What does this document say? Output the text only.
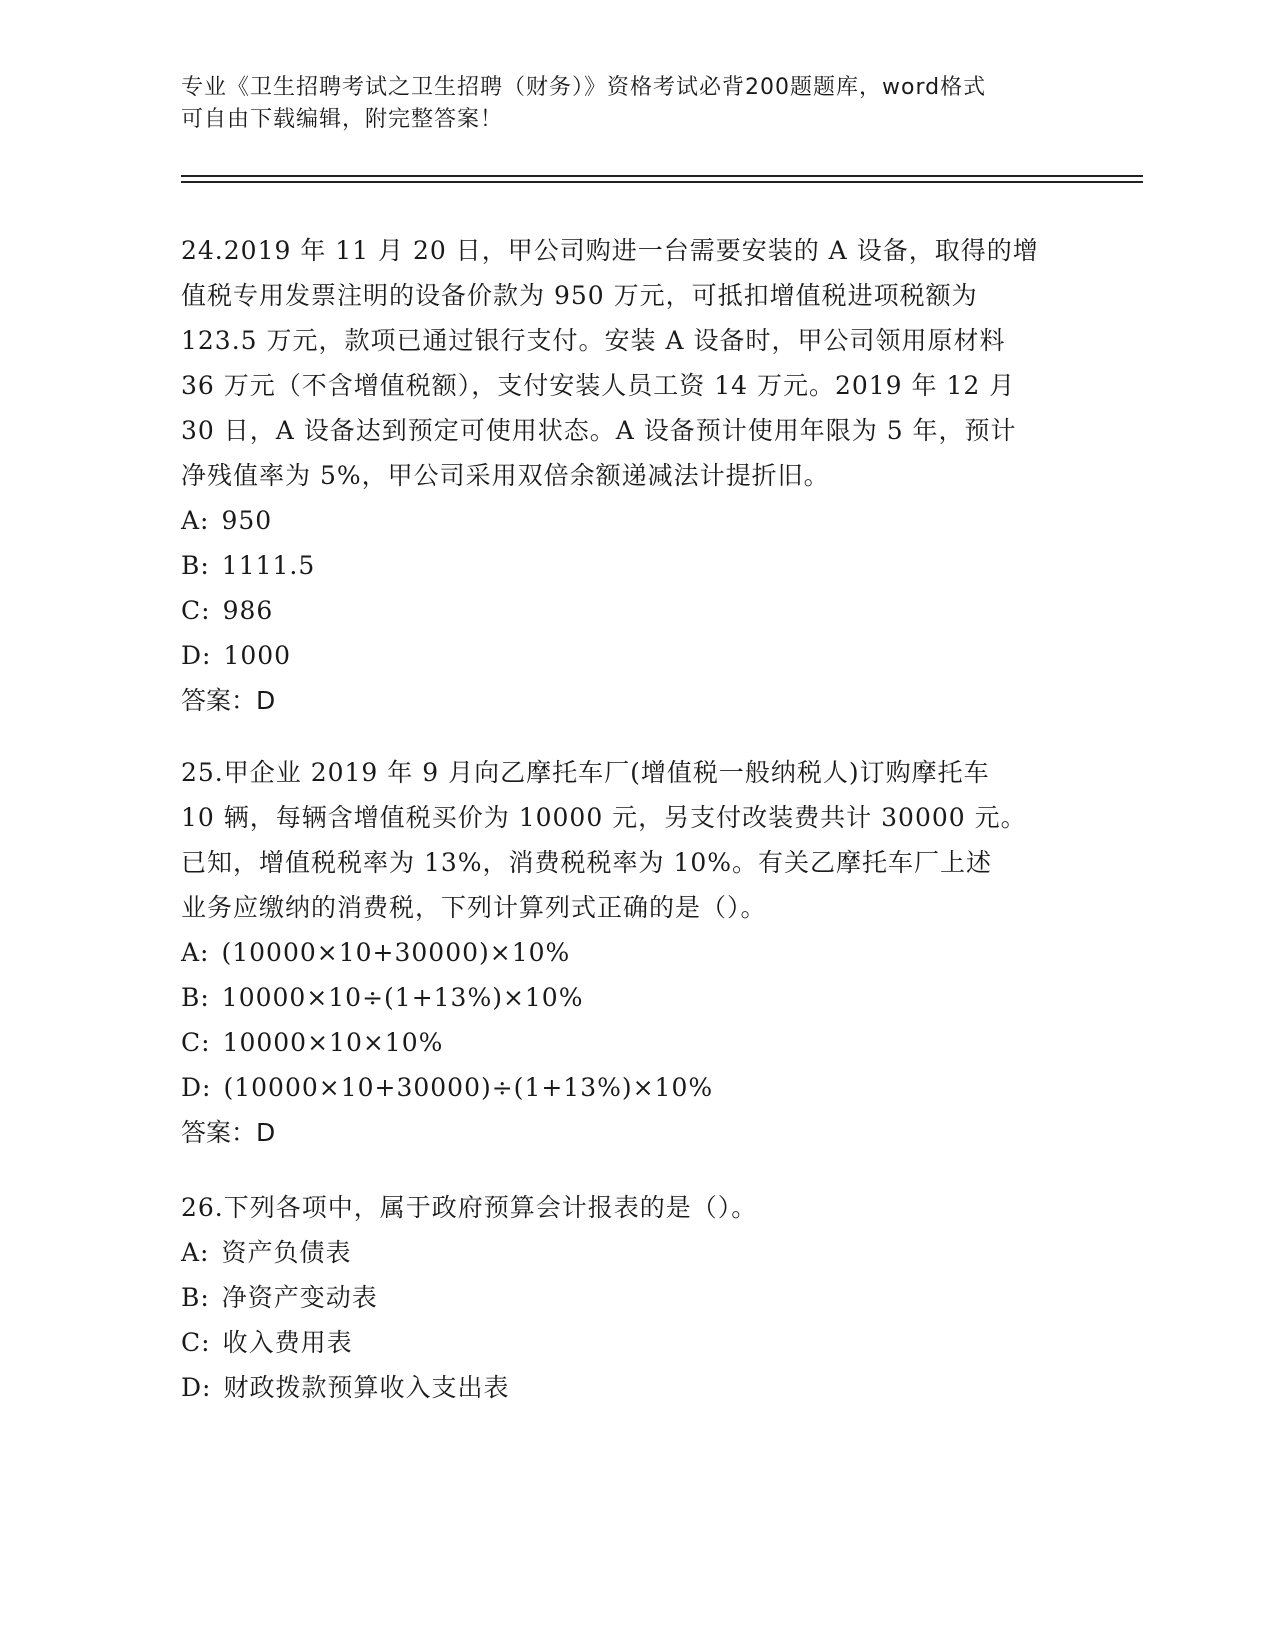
专业《卫生招聘考试之卫生招聘（财务）》资格考试必背200题题库，word格式
可自由下载编辑，附完整答案！
24.2019 年 11 月 20 日，甲公司购进一台需要安装的 A 设备，取得的增
值税专用发票注明的设备价款为 950 万元，可抵扣增值税进项税额为
123.5 万元，款项已通过银行支付。安装 A 设备时，甲公司领用原材料
36 万元（不含增值税额），支付安装人员工资 14 万元。2019 年 12 月
30 日，A 设备达到预定可使用状态。A 设备预计使用年限为 5 年，预计
净残值率为 5%，甲公司采用双倍余额递减法计提折旧。
A: 950
B: 1111.5
C: 986
D: 1000
答案：D
25.甲企业 2019 年 9 月向乙摩托车厂(增值税一般纳税人)订购摩托车
10 辆，每辆含增值税买价为 10000 元，另支付改装费共计 30000 元。
已知，增值税税率为 13%，消费税税率为 10%。有关乙摩托车厂上述
业务应缴纳的消费税，下列计算列式正确的是（）。
A: (10000×10+30000)×10%
B: 10000×10÷(1+13%)×10%
C: 10000×10×10%
D: (10000×10+30000)÷(1+13%)×10%
答案：D
26.下列各项中，属于政府预算会计报表的是（）。
A: 资产负债表
B: 净资产变动表
C: 收入费用表
D: 财政拨款预算收入支出表
